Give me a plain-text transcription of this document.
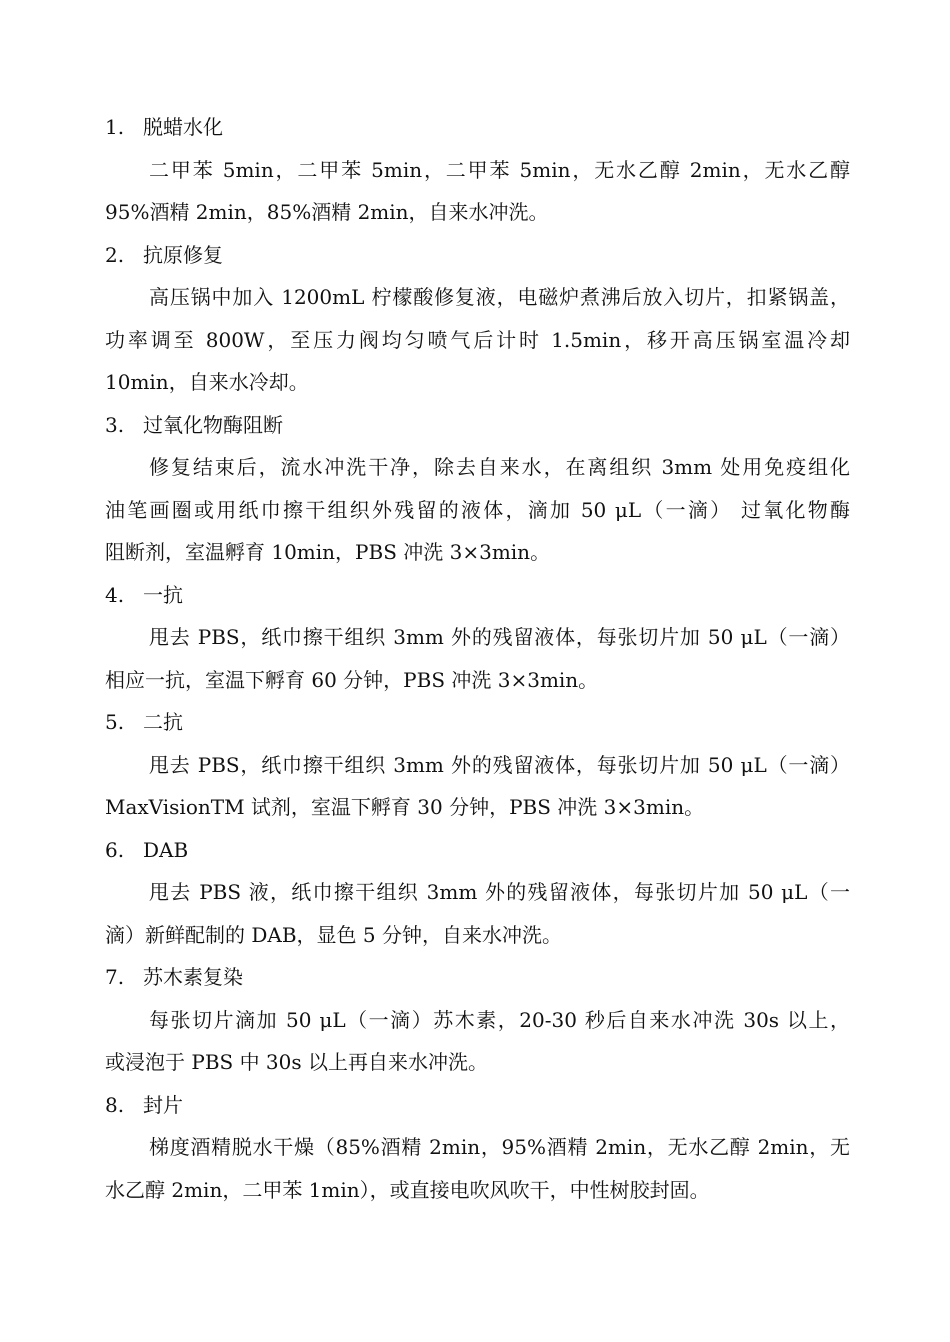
1. 脱蜡水化
二甲苯 5min，二甲苯 5min，二甲苯 5min，无水乙醇 2min，无水乙醇
95%酒精 2min，85%酒精 2min，自来水冲洗。
2. 抗原修复
高压锅中加入 1200mL 柠檬酸修复液，电磁炉煮沸后放入切片，扣紧锅盖，
功率调至 800W，至压力阀均匀喷气后计时 1.5min，移开高压锅室温冷却
10min，自来水冷却。
3. 过氧化物酶阻断
修复结束后，流水冲洗干净，除去自来水，在离组织 3mm 处用免疫组化
油笔画圈或用纸巾擦干组织外残留的液体，滴加 50 μL（一滴） 过氧化物酶
阻断剂，室温孵育 10min，PBS 冲洗 3×3min。
4. 一抗
甩去 PBS，纸巾擦干组织 3mm 外的残留液体，每张切片加 50 μL（一滴）
相应一抗，室温下孵育 60 分钟，PBS 冲洗 3×3min。
5. 二抗
甩去 PBS，纸巾擦干组织 3mm 外的残留液体，每张切片加 50 μL（一滴）
MaxVisionTM 试剂，室温下孵育 30 分钟，PBS 冲洗 3×3min。
6. DAB
甩去 PBS 液，纸巾擦干组织 3mm 外的残留液体，每张切片加 50 μL（一
滴）新鲜配制的 DAB，显色 5 分钟，自来水冲洗。
7. 苏木素复染
每张切片滴加 50 μL（一滴）苏木素，20-30 秒后自来水冲洗 30s 以上，
或浸泡于 PBS 中 30s 以上再自来水冲洗。
8. 封片
梯度酒精脱水干燥（85%酒精 2min，95%酒精 2min，无水乙醇 2min，无
水乙醇 2min，二甲苯 1min），或直接电吹风吹干，中性树胶封固。
